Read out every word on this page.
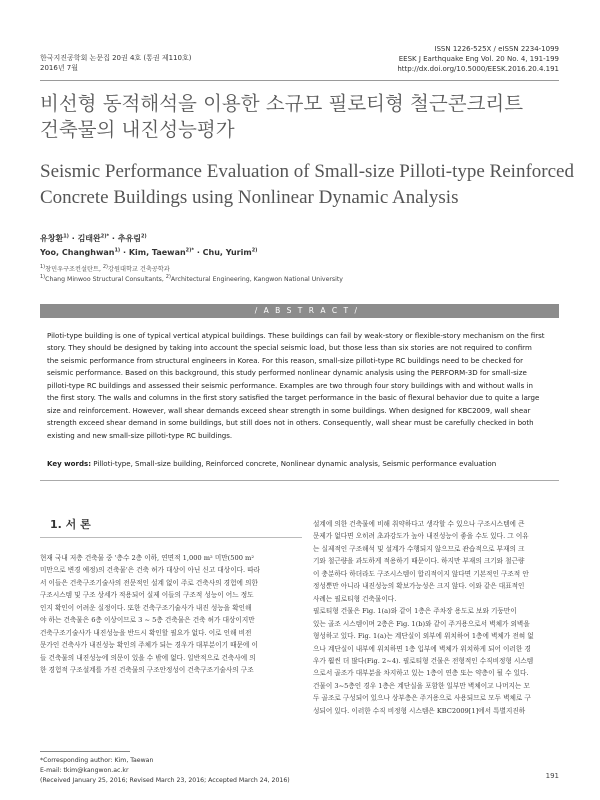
한국지진공학회 논문집 20권 4호 (통권 제110호)
2016년 7월
ISSN 1226-525X / eISSN 2234-1099
EESK J Earthquake Eng Vol. 20 No. 4, 191-199
http://dx.doi.org/10.5000/EESK.2016.20.4.191
비선형 동적해석을 이용한 소규모 필로티형 철근콘크리트
건축물의 내진성능평가
Seismic Performance Evaluation of Small-size Pilloti-type Reinforced
Concrete Buildings using Nonlinear Dynamic Analysis
유창환$^{1)}$ · 김태완$^{2)*}$ · 추유림$^{2)}$
Yoo, Changhwan$^{1)}$ · Kim, Taewan$^{2)*}$ · Chu, Yurim$^{2)}$
$^{1)}$창민우구조컨설탄트, $^{2)}$강원대학교 건축공학과
$^{1)}$Chang Minwoo Structural Consultants, $^{2)}$Architectural Engineering, Kangwon National University
/ A B S T R A C T /
Piloti-type building is one of typical vertical atypical buildings. These buildings can fail by weak-story or flexible-story mechanism on the first
story. They should be designed by taking into account the special seismic load, but those less than six stories are not required to confirm
the seismic performance from structural engineers in Korea. For this reason, small-size pilloti-type RC buildings need to be checked for
seismic performance. Based on this background, this study performed nonlinear dynamic analysis using the PERFORM-3D for small-size
pilloti-type RC buildings and assessed their seismic performance. Examples are two through four story buildings with and without walls in
the first story. The walls and columns in the first story satisfied the target performance in the basic of flexural behavior due to quite a large
size and reinforcement. However, wall shear demands exceed shear strength in some buildings. When designed for KBC2009, wall shear
strength exceed shear demand in some buildings, but still does not in others. Consequently, wall shear must be carefully checked in both
existing and new small-size pilloti-type RC buildings.
Key words: Pilloti-type, Small-size building, Reinforced concrete, Nonlinear dynamic analysis, Seismic performance evaluation
1. 서 론
현재 국내 저층 건축물 중 '층수 2층 이하, 연면적 1,000 m² 미만(500 m²
미만으로 변경 예정)의 건축물'은 건축 허가 대상이 아닌 신고 대상이다. 따라
서 이들은 건축구조기술사의 전문적인 설계 없이 주로 건축사의 경험에 의한
구조시스템 및 구조 상세가 적용되어 실제 이들의 구조적 성능이 어느 정도
인지 확인이 어려운 실정이다. 또한 건축구조기술사가 내진 성능을 확인해
야 하는 건축물은 6층 이상이므로 3 ~ 5층 건축물은 건축 허가 대상이지만
건축구조기술사가 내진성능을 반드시 확인할 필요가 없다. 이로 인해 비전
문가인 건축사가 내진성능 확인의 주체가 되는 경우가 대부분이기 때문에 이
들 건축물의 내진성능에 의문이 있을 수 밖에 없다. 일반적으로 건축사에 의
한 경험적 구조설계를 가진 건축물의 구조안정성이 건축구조기술사의 구조
설계에 의한 건축물에 비해 취약하다고 생각할 수 있으나 구조시스템에 큰
문제가 없다면 오히려 초과강도가 높아 내진성능이 좋을 수도 있다. 그 이유
는 실제적인 구조해석 및 설계가 수행되지 않으므로 관습적으로 부재의 크
기와 철근량을 과도하게 적용하기 때문이다. 하지만 부재의 크기와 철근량
이 충분하다 하더라도 구조시스템이 합리적이지 않다면 기본적인 구조적 안
정성뿐만 아니라 내진성능의 확보가능성은 크지 않다. 이와 같은 대표적인
사례는 필로티형 건축물이다.
필로티형 건물은 Fig. 1(a)와 같이 1층은 주차장 용도로 보와 기둥만이
있는 골조 시스템이며 2층은 Fig. 1(b)와 같이 주거용으로서 벽체가 외벽을
형성하고 있다. Fig. 1(a)는 계단실이 외부에 위치하여 1층에 벽체가 전혀 없
으나 계단실이 내부에 위치하면 1층 입부에 벽체가 위치하게 되어 이러한 경
우가 훨씬 더 많다(Fig. 2~4). 필로티형 건물은 전형적인 수직비정형 시스템
으로서 골조가 대부분을 차지하고 있는 1층이 연층 또는 약층이 될 수 있다.
건물이 3~5층인 경우 1층은 계단실을 포함한 일부만 벽체이고 나머지는 모
두 골조로 구성되어 있으나 상부층은 주거용으로 사용되므로 모두 벽체로 구
성되어 있다. 이러한 수직 비정형 시스템은 KBC2009[1]에서 특별지진하
*Corresponding author: Kim, Taewan
E-mail: tkim@kangwon.ac.kr
(Received January 25, 2016; Revised March 23, 2016; Accepted March 24, 2016)
191
